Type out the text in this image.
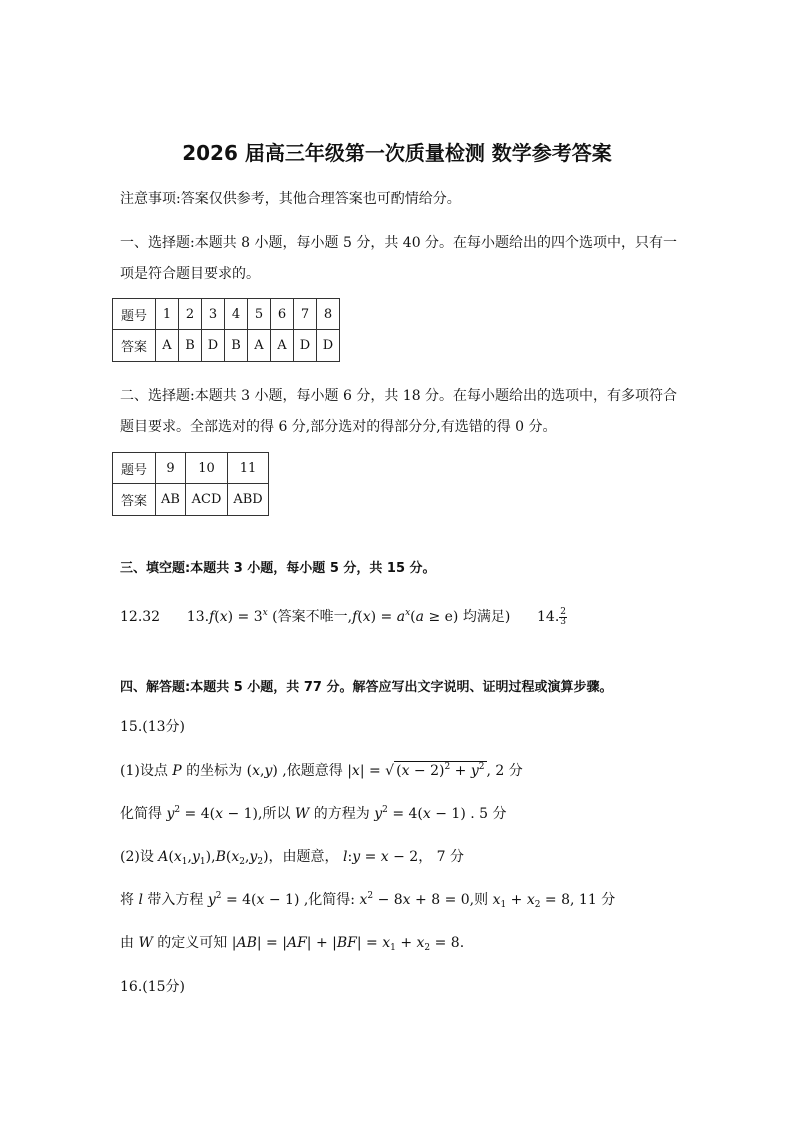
2026 届高三年级第一次质量检测 数学参考答案
注意事项:答案仅供参考，其他合理答案也可酌情给分。
一、选择题:本题共 8 小题，每小题 5 分，共 40 分。在每小题给出的四个选项中，只有一
项是符合题目要求的。
题号	1	2	3	4	5	6	7	8
答案	A	B	D	B	A	A	D	D
二、选择题:本题共 3 小题，每小题 6 分，共 18 分。在每小题给出的选项中，有多项符合
题目要求。全部选对的得 6 分,部分选对的得部分分,有选错的得 0 分。
题号	9	10	11
答案	AB	ACD	ABD
三、填空题:本题共 3 小题，每小题 5 分，共 15 分。
12.32 $13.f(x) = 3^x$ (答案不唯一$,f(x) = a^x(a \ge e)$ 均满足) 14. $\frac{2}{3}$
四、解答题:本题共 5 小题，共 77 分。解答应写出文字说明、证明过程或演算步骤。
15.(13分)
(1)设点 P 的坐标为 (x,y) ,依题意得 |x| = √ $(x - 2)^2 + y^2$ , 2 分
化简得 $y^2 = 4(x - 1)$,所以 W 的方程为 $y^2 = 4(x - 1)$ . 5 分
(2)设 $A(x_1,y_1),B(x_2,y_2)$，由题意， l:y = x − 2， 7 分
将 l 带入方程 $y^2 = 4(x - 1)$ ,化简得: $x^2 - 8x + 8 = 0$,则 $x_1 + x_2 = 8$, 11 分
由 W 的定义可知 $|AB| = |AF| + |BF| = x_1 + x_2 = 8$.
16.(15分)
